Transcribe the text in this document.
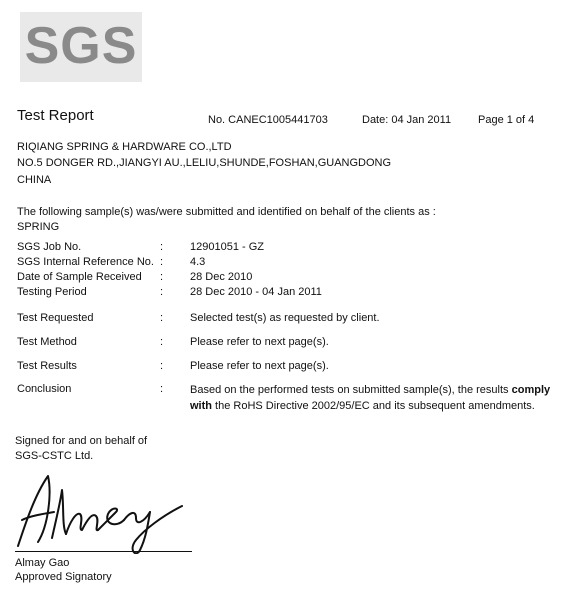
SGS
Test Report	No. CANEC1005441703	Date: 04 Jan 2011 Page 1 of 4
RIQIANG SPRING & HARDWARE CO.,LTD
NO.5 DONGER RD.,JIANGYI AU.,LELIU,SHUNDE,FOSHAN,GUANGDONG
CHINA
The following sample(s) was/were submitted and identified on behalf of the clients as :
SPRING
SGS Job No.	: 12901051 - GZ
SGS Internal Reference No. : 4.3
Date of Sample Received : 28 Dec 2010
Testing Period	: 28 Dec 2010 - 04 Jan 2011
Test Requested	: Selected test(s) as requested by client.
Test Method	: Please refer to next page(s).
Test Results	: Please refer to next page(s).
Conclusion	: Based on the performed tests on submitted sample(s), the results comply
with the RoHS Directive 2002/95/EC and its subsequent amendments.
Signed for and on behalf of
SGS-CSTC Ltd.
Almay Gao
Approved Signatory
